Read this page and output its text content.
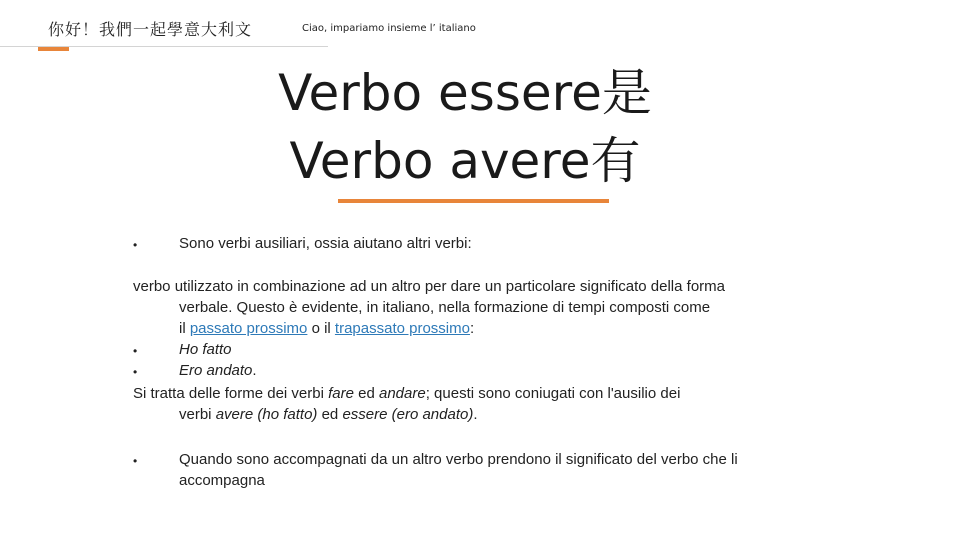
你好！我們一起學意大利文	Ciao, impariamo insieme l’ italiano
Verbo essere是
Verbo avere有
•	Sono verbi ausiliari, ossia aiutano altri verbi:
verbo utilizzato in combinazione ad un altro per dare un particolare significato della forma
verbale. Questo è evidente, in italiano, nella formazione di tempi composti come
il passato prossimo o il trapassato prossimo:
•	Ho fatto
•	Ero andato.
Si tratta delle forme dei verbi fare ed andare; questi sono coniugati con l'ausilio dei
verbi avere (ho fatto) ed essere (ero andato).
•	Quando sono accompagnati da un altro verbo prendono il significato del verbo che li
accompagna
